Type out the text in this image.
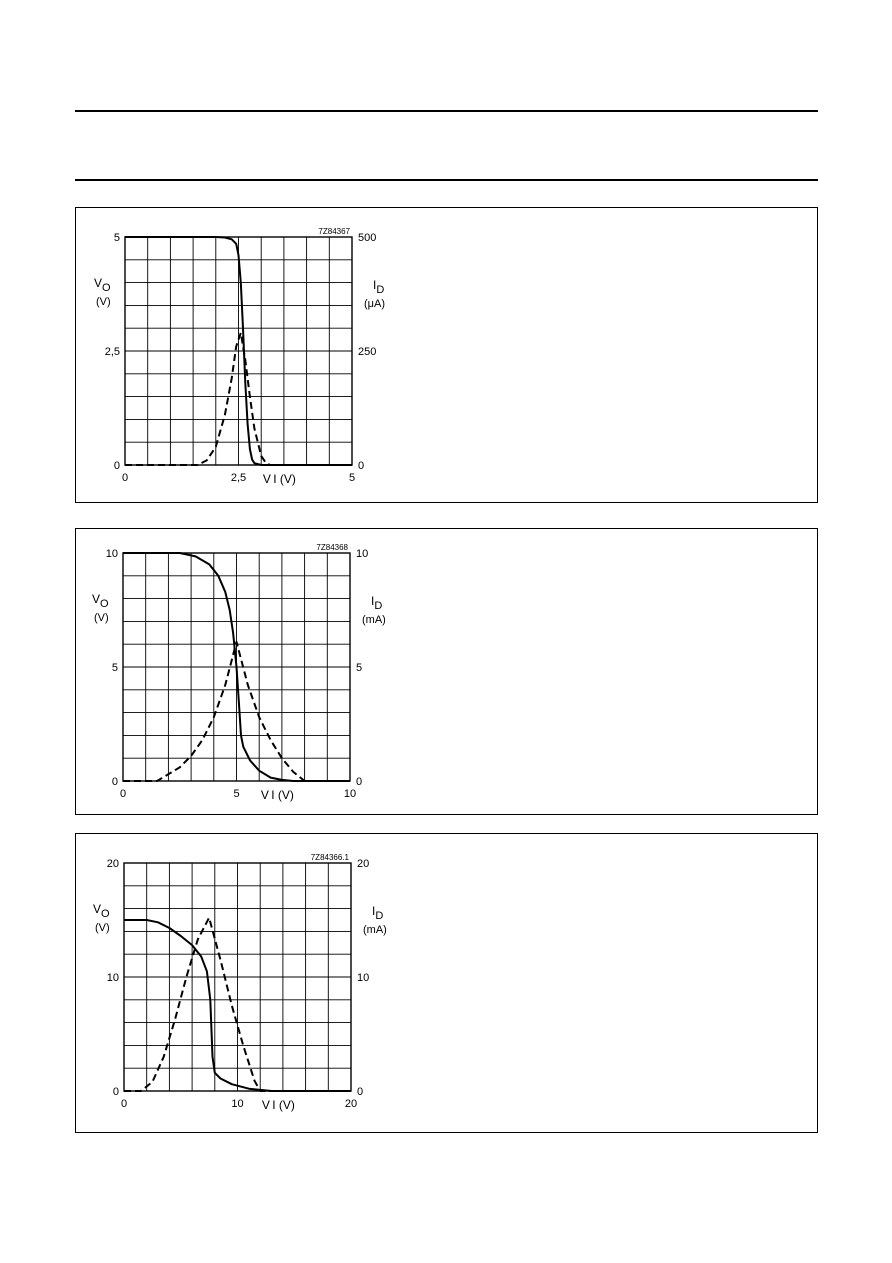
0
2,5
5
0
250
500
0	2,5	5
7Z84367
VO
(V)
ID
(μA)
V I (V)
0
5
10
0
5
10
0	5	10
7Z84368
VO
(V)
ID
(mA)
V I (V)
0
10
20
0
10
20
0	10	20
7Z84366.1
VO
(V)
ID
(mA)
V I (V)
